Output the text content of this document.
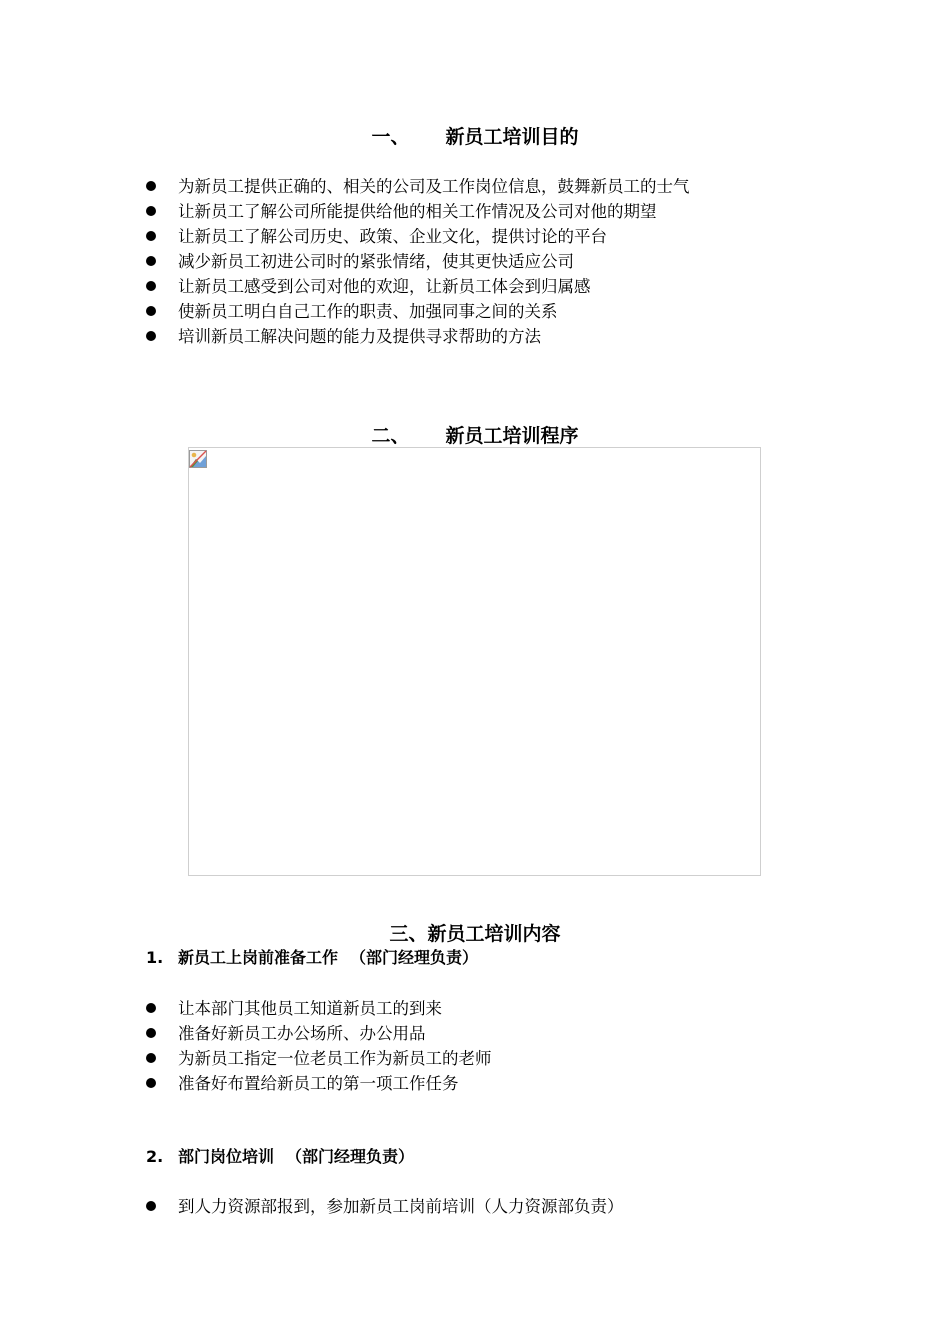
一、 新员工培训目的
为新员工提供正确的、相关的公司及工作岗位信息，鼓舞新员工的士气
让新员工了解公司所能提供给他的相关工作情况及公司对他的期望
让新员工了解公司历史、政策、企业文化，提供讨论的平台
减少新员工初进公司时的紧张情绪，使其更快适应公司
让新员工感受到公司对他的欢迎，让新员工体会到归属感
使新员工明白自己工作的职责、加强同事之间的关系
培训新员工解决问题的能力及提供寻求帮助的方法
二、 新员工培训程序
三、新员工培训内容
1. 新员工上岗前准备工作 （部门经理负责）
让本部门其他员工知道新员工的到来
准备好新员工办公场所、办公用品
为新员工指定一位老员工作为新员工的老师
准备好布置给新员工的第一项工作任务
2. 部门岗位培训 （部门经理负责）
到人力资源部报到，参加新员工岗前培训（人力资源部负责）
